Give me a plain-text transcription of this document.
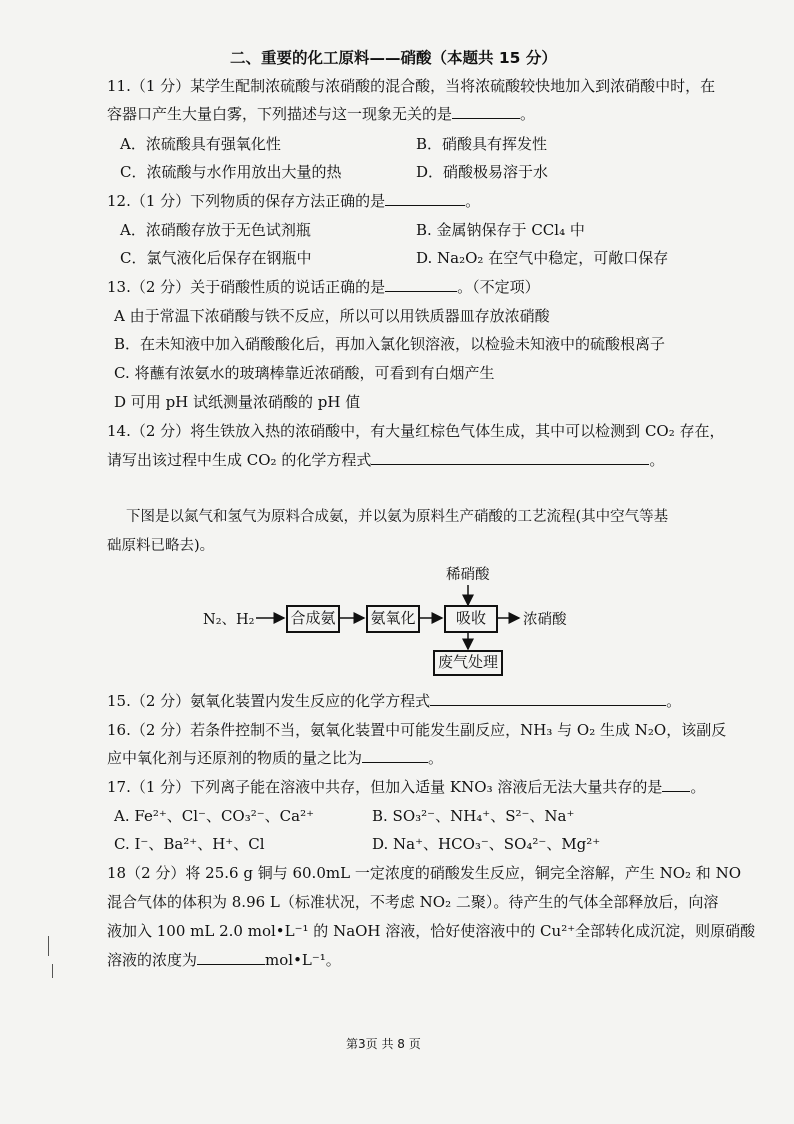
二、重要的化工原料——硝酸（本题共 15 分）
11.（1 分）某学生配制浓硫酸与浓硝酸的混合酸，当将浓硫酸较快地加入到浓硝酸中时，在
容器口产生大量白雾，下列描述与这一现象无关的是	。
A．浓硫酸具有强氧化性	B．硝酸具有挥发性
C．浓硫酸与水作用放出大量的热	D．硝酸极易溶于水
12.（1 分）下列物质的保存方法正确的是	。
A．浓硝酸存放于无色试剂瓶	B. 金属钠保存于 CCl₄ 中
C．氯气液化后保存在钢瓶中	D. Na₂O₂ 在空气中稳定，可敞口保存
13.（2 分）关于硝酸性质的说话正确的是	。（不定项）
A 由于常温下浓硝酸与铁不反应，所以可以用铁质器皿存放浓硝酸
B．在未知液中加入硝酸酸化后，再加入氯化钡溶液，以检验未知液中的硫酸根离子
C. 将蘸有浓氨水的玻璃棒靠近浓硝酸，可看到有白烟产生
D 可用 pH 试纸测量浓硝酸的 pH 值
14.（2 分）将生铁放入热的浓硝酸中，有大量红棕色气体生成，其中可以检测到 CO₂ 存在，
请写出该过程中生成 CO₂ 的化学方程式	。
下图是以氮气和氢气为原料合成氨，并以氨为原料生产硝酸的工艺流程(其中空气等基
础原料已略去)。
N₂、H₂ 合成氨	氨氧化	吸收
稀硝酸
浓硝酸
废气处理
15.（2 分）氨氧化装置内发生反应的化学方程式	。
16.（2 分）若条件控制不当，氨氧化装置中可能发生副反应，NH₃ 与 O₂ 生成 N₂O，该副反
应中氧化剂与还原剂的物质的量之比为	。
17.（1 分）下列离子能在溶液中共存，但加入适量 KNO₃ 溶液后无法大量共存的是 。
A. Fe²⁺、Cl⁻、CO₃²⁻、Ca²⁺	B. SO₃²⁻、NH₄⁺、S²⁻、Na⁺
C. I⁻、Ba²⁺、H⁺、Cl	D. Na⁺、HCO₃⁻、SO₄²⁻、Mg²⁺
18（2 分）将 25.6 g 铜与 60.0mL 一定浓度的硝酸发生反应，铜完全溶解，产生 NO₂ 和 NO
混合气体的体积为 8.96 L（标准状况，不考虑 NO₂ 二聚）。待产生的气体全部释放后，向溶
液加入 100 mL 2.0 mol•L⁻¹ 的 NaOH 溶液，恰好使溶液中的 Cu²⁺全部转化成沉淀，则原硝酸
溶液的浓度为	mol•L⁻¹。
第3页 共 8 页
